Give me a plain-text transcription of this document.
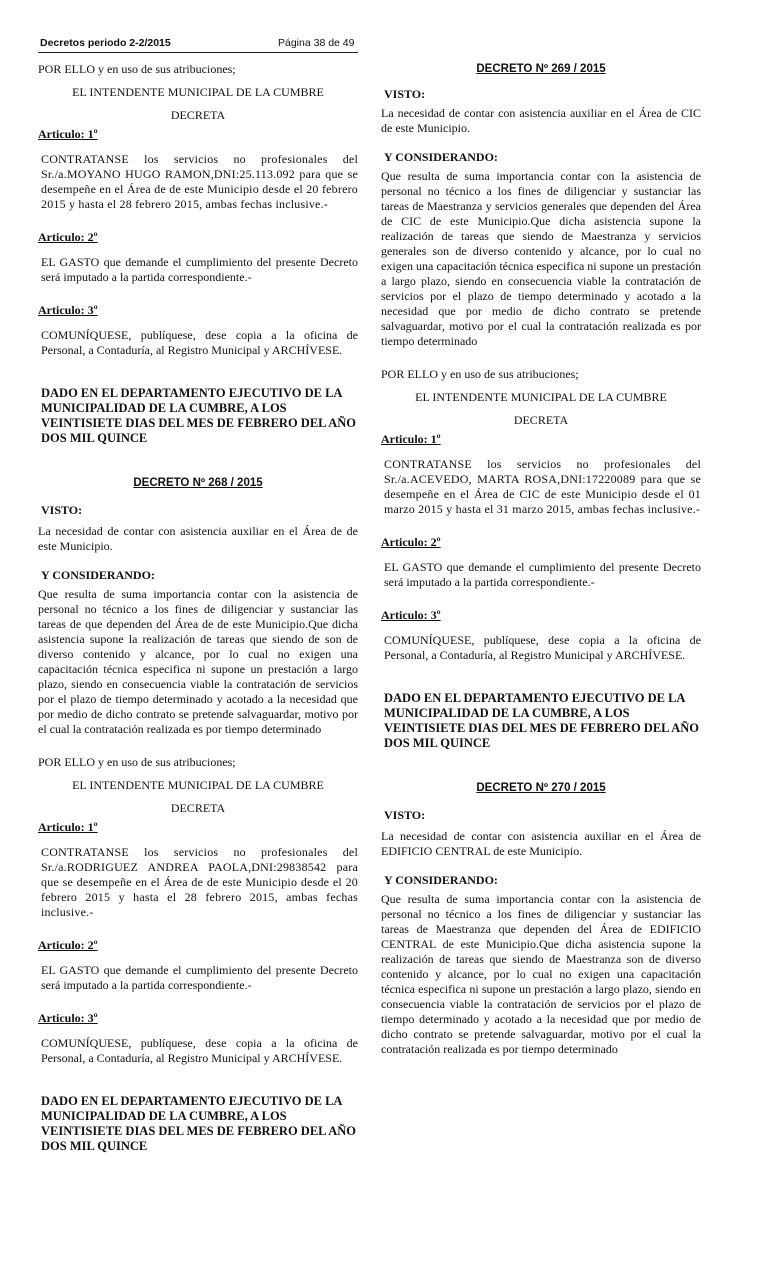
Decretos periodo 2-2/2015	Página 38 de 49

POR ELLO y en uso de sus atribuciones;

EL INTENDENTE MUNICIPAL DE LA CUMBRE

DECRETA

Articulo: 1º

CONTRATANSE los servicios no profesionales del Sr./a.MOYANO HUGO RAMON,DNI:25.113.092 para que se desempeñe en el Área de de este Municipio desde el 20 febrero 2015 y hasta el 28 febrero 2015, ambas fechas inclusive.-

Articulo: 2º

EL GASTO que demande el cumplimiento del presente Decreto será imputado a la partida correspondiente.-

Articulo: 3º

COMUNÍQUESE, publíquese, dese copia a la oficina de Personal, a Contaduría, al Registro Municipal y ARCHÍVESE.

DADO EN EL DEPARTAMENTO EJECUTIVO DE LA MUNICIPALIDAD DE LA CUMBRE, A LOS VEINTISIETE DIAS DEL MES DE FEBRERO DEL AÑO DOS MIL QUINCE

DECRETO Nº 268 / 2015

VISTO:

La necesidad de contar con asistencia auxiliar en el Área de de este Municipio.

Y CONSIDERANDO:

Que resulta de suma importancia contar con la asistencia de personal no técnico a los fines de diligenciar y sustanciar las tareas de que dependen del Área de de este Municipio.Que dicha asistencia supone la realización de tareas que siendo de son de diverso contenido y alcance, por lo cual no exigen una capacitación técnica especifica ni supone un prestación a largo plazo, siendo en consecuencia viable la contratación de servicios por el plazo de tiempo determinado y acotado a la necesidad que por medio de dicho contrato se pretende salvaguardar, motivo por el cual la contratación realizada es por tiempo determinado

POR ELLO y en uso de sus atribuciones;

EL INTENDENTE MUNICIPAL DE LA CUMBRE

DECRETA

Articulo: 1º

CONTRATANSE los servicios no profesionales del Sr./a.RODRIGUEZ ANDREA PAOLA,DNI:29838542 para que se desempeñe en el Área de de este Municipio desde el 20 febrero 2015 y hasta el 28 febrero 2015, ambas fechas inclusive.-

Articulo: 2º

EL GASTO que demande el cumplimiento del presente Decreto será imputado a la partida correspondiente.-

Articulo: 3º

COMUNÍQUESE, publíquese, dese copia a la oficina de Personal, a Contaduría, al Registro Municipal y ARCHÍVESE.

DADO EN EL DEPARTAMENTO EJECUTIVO DE LA MUNICIPALIDAD DE LA CUMBRE, A LOS VEINTISIETE DIAS DEL MES DE FEBRERO DEL AÑO DOS MIL QUINCE

DECRETO Nº 269 / 2015

VISTO:

La necesidad de contar con asistencia auxiliar en el Área de CIC de este Municipio.

Y CONSIDERANDO:

Que resulta de suma importancia contar con la asistencia de personal no técnico a los fines de diligenciar y sustanciar las tareas de Maestranza y servicios generales que dependen del Área de CIC de este Municipio.Que dicha asistencia supone la realización de tareas que siendo de Maestranza y servicios generales son de diverso contenido y alcance, por lo cual no exigen una capacitación técnica especifica ni supone un prestación a largo plazo, siendo en consecuencia viable la contratación de servicios por el plazo de tiempo determinado y acotado a la necesidad que por medio de dicho contrato se pretende salvaguardar, motivo por el cual la contratación realizada es por tiempo determinado

POR ELLO y en uso de sus atribuciones;

EL INTENDENTE MUNICIPAL DE LA CUMBRE

DECRETA

Articulo: 1º

CONTRATANSE los servicios no profesionales del Sr./a.ACEVEDO, MARTA ROSA,DNI:17220089 para que se desempeñe en el Área de CIC de este Municipio desde el 01 marzo 2015 y hasta el 31 marzo 2015, ambas fechas inclusive.-

Articulo: 2º

EL GASTO que demande el cumplimiento del presente Decreto será imputado a la partida correspondiente.-

Articulo: 3º

COMUNÍQUESE, publíquese, dese copia a la oficina de Personal, a Contaduría, al Registro Municipal y ARCHÍVESE.

DADO EN EL DEPARTAMENTO EJECUTIVO DE LA MUNICIPALIDAD DE LA CUMBRE, A LOS VEINTISIETE DIAS DEL MES DE FEBRERO DEL AÑO DOS MIL QUINCE

DECRETO Nº 270 / 2015

VISTO:

La necesidad de contar con asistencia auxiliar en el Área de EDIFICIO CENTRAL de este Municipio.

Y CONSIDERANDO:

Que resulta de suma importancia contar con la asistencia de personal no técnico a los fines de diligenciar y sustanciar las tareas de Maestranza que dependen del Área de EDIFICIO CENTRAL de este Municipio.Que dicha asistencia supone la realización de tareas que siendo de Maestranza son de diverso contenido y alcance, por lo cual no exigen una capacitación técnica especifica ni supone un prestación a largo plazo, siendo en consecuencia viable la contratación de servicios por el plazo de tiempo determinado y acotado a la necesidad que por medio de dicho contrato se pretende salvaguardar, motivo por el cual la contratación realizada es por tiempo determinado
